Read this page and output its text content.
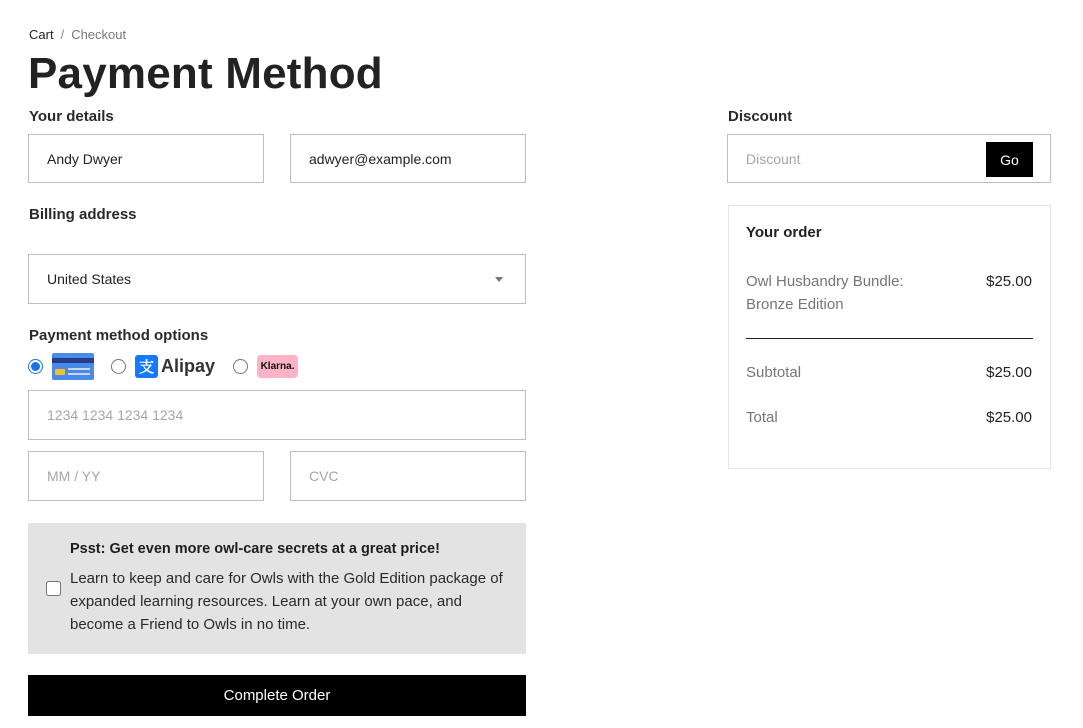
Cart / Checkout
Payment Method
Your details
Andy Dwyer
adwyer@example.com
Billing address
United States
Payment method options
支 Alipay	Klarna.
1234 1234 1234 1234
MM / YY
CVC
Psst: Get even more owl-care secrets at a great price!
Learn to keep and care for Owls with the Gold Edition package of expanded learning resources. Learn at your own pace, and become a Friend to Owls in no time.
Complete Order
Discount
Discount
Go
Your order
Owl Husbandry Bundle: Bronze Edition
$25.00
Subtotal	$25.00
Total	$25.00
